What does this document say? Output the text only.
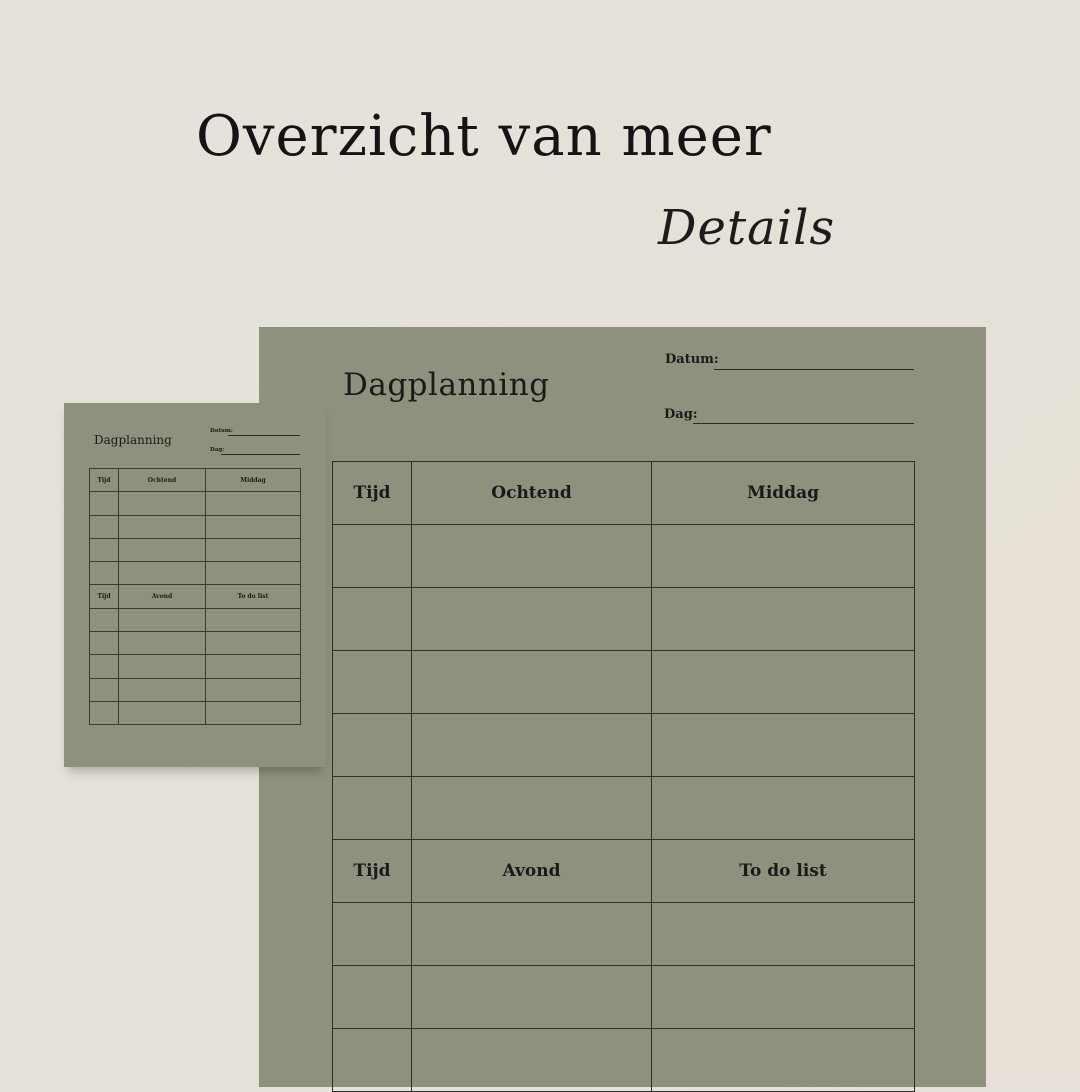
Overzicht van meer
Details
Dagplanning
Datum:
Dag:
Tijd	Ochtend	Middag

Tijd	Avond	To do list

Dagplanning
Datum:
Dag:
Tijd	Ochtend	Middag

Tijd	Avond	To do list
